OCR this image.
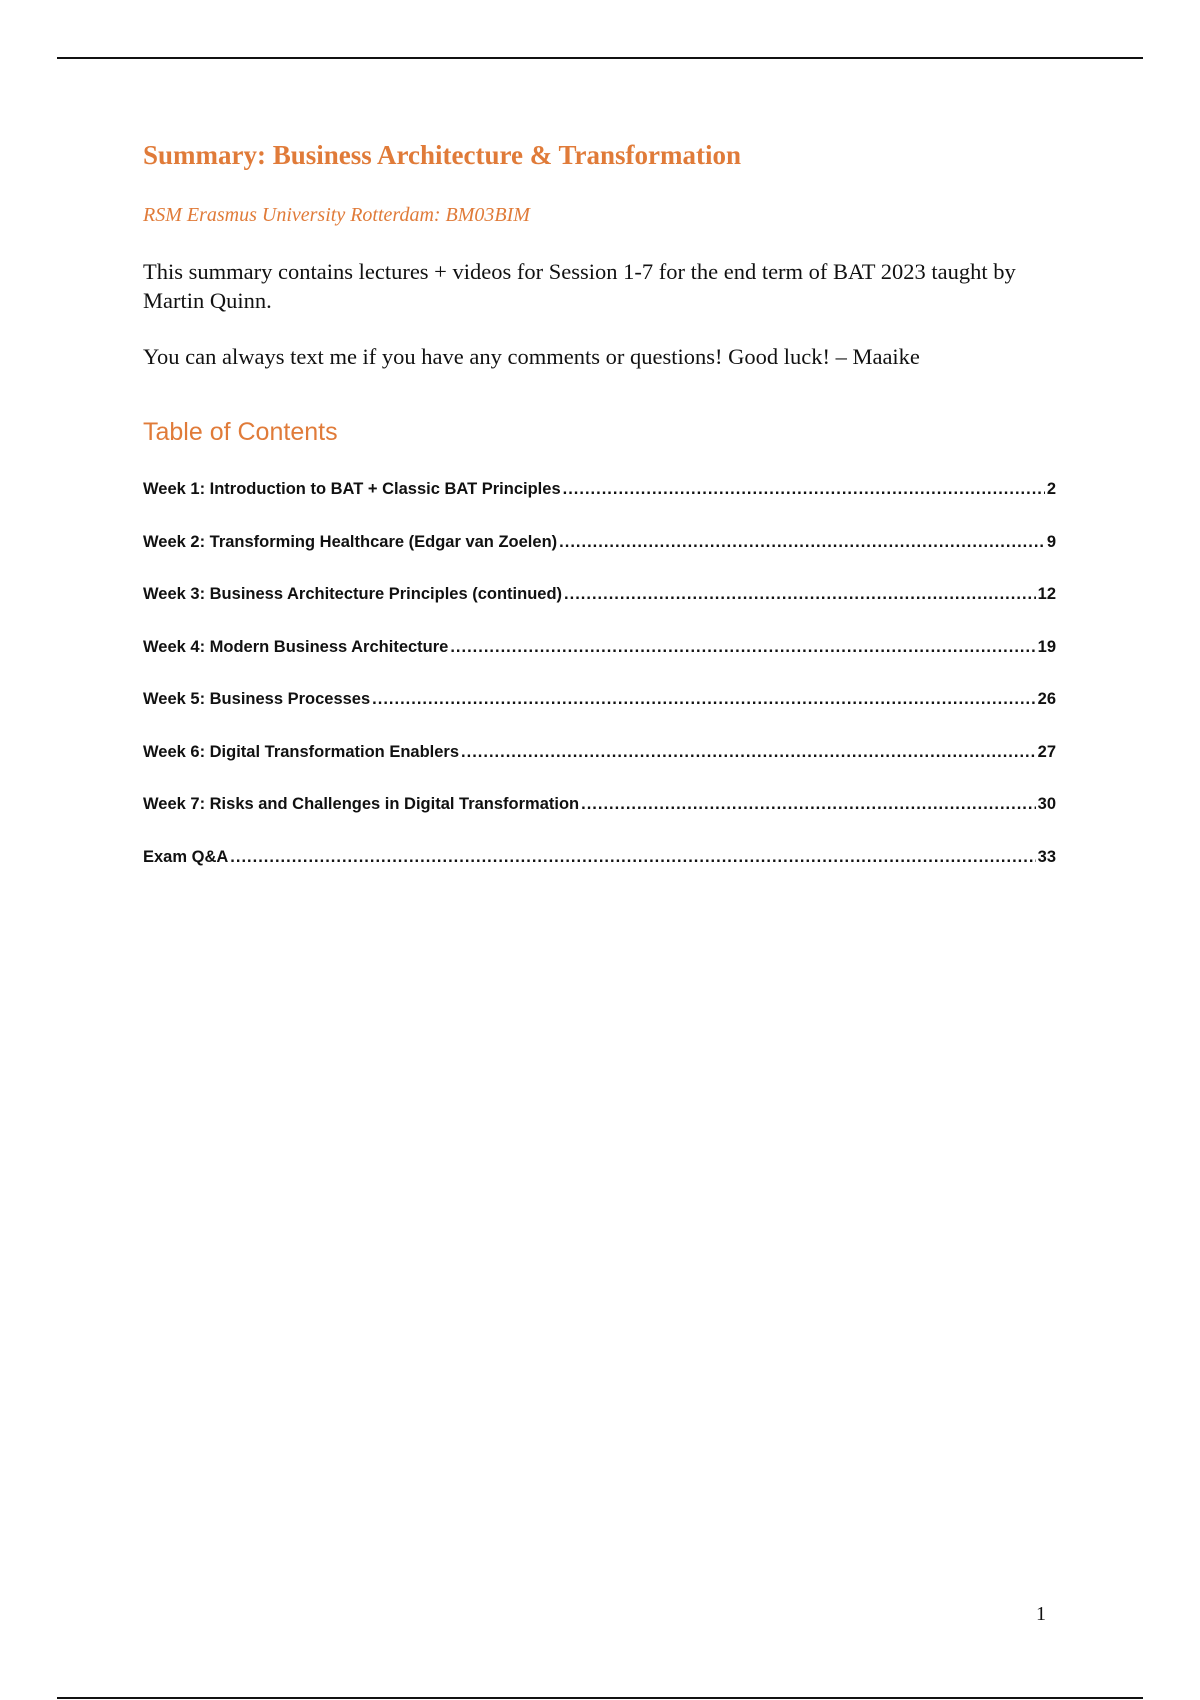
Summary: Business Architecture & Transformation

RSM Erasmus University Rotterdam: BM03BIM

This summary contains lectures + videos for Session 1-7 for the end term of BAT 2023 taught by Martin Quinn.

You can always text me if you have any comments or questions! Good luck! – Maaike

Table of Contents
Week 1: Introduction to BAT + Classic BAT Principles .....	2
Week 2: Transforming Healthcare (Edgar van Zoelen) .....	9
Week 3: Business Architecture Principles (continued) .....	12
Week 4: Modern Business Architecture .....	19
Week 5: Business Processes .....	26
Week 6: Digital Transformation Enablers .....	27
Week 7: Risks and Challenges in Digital Transformation .....	30
Exam Q&A .....	33

1
